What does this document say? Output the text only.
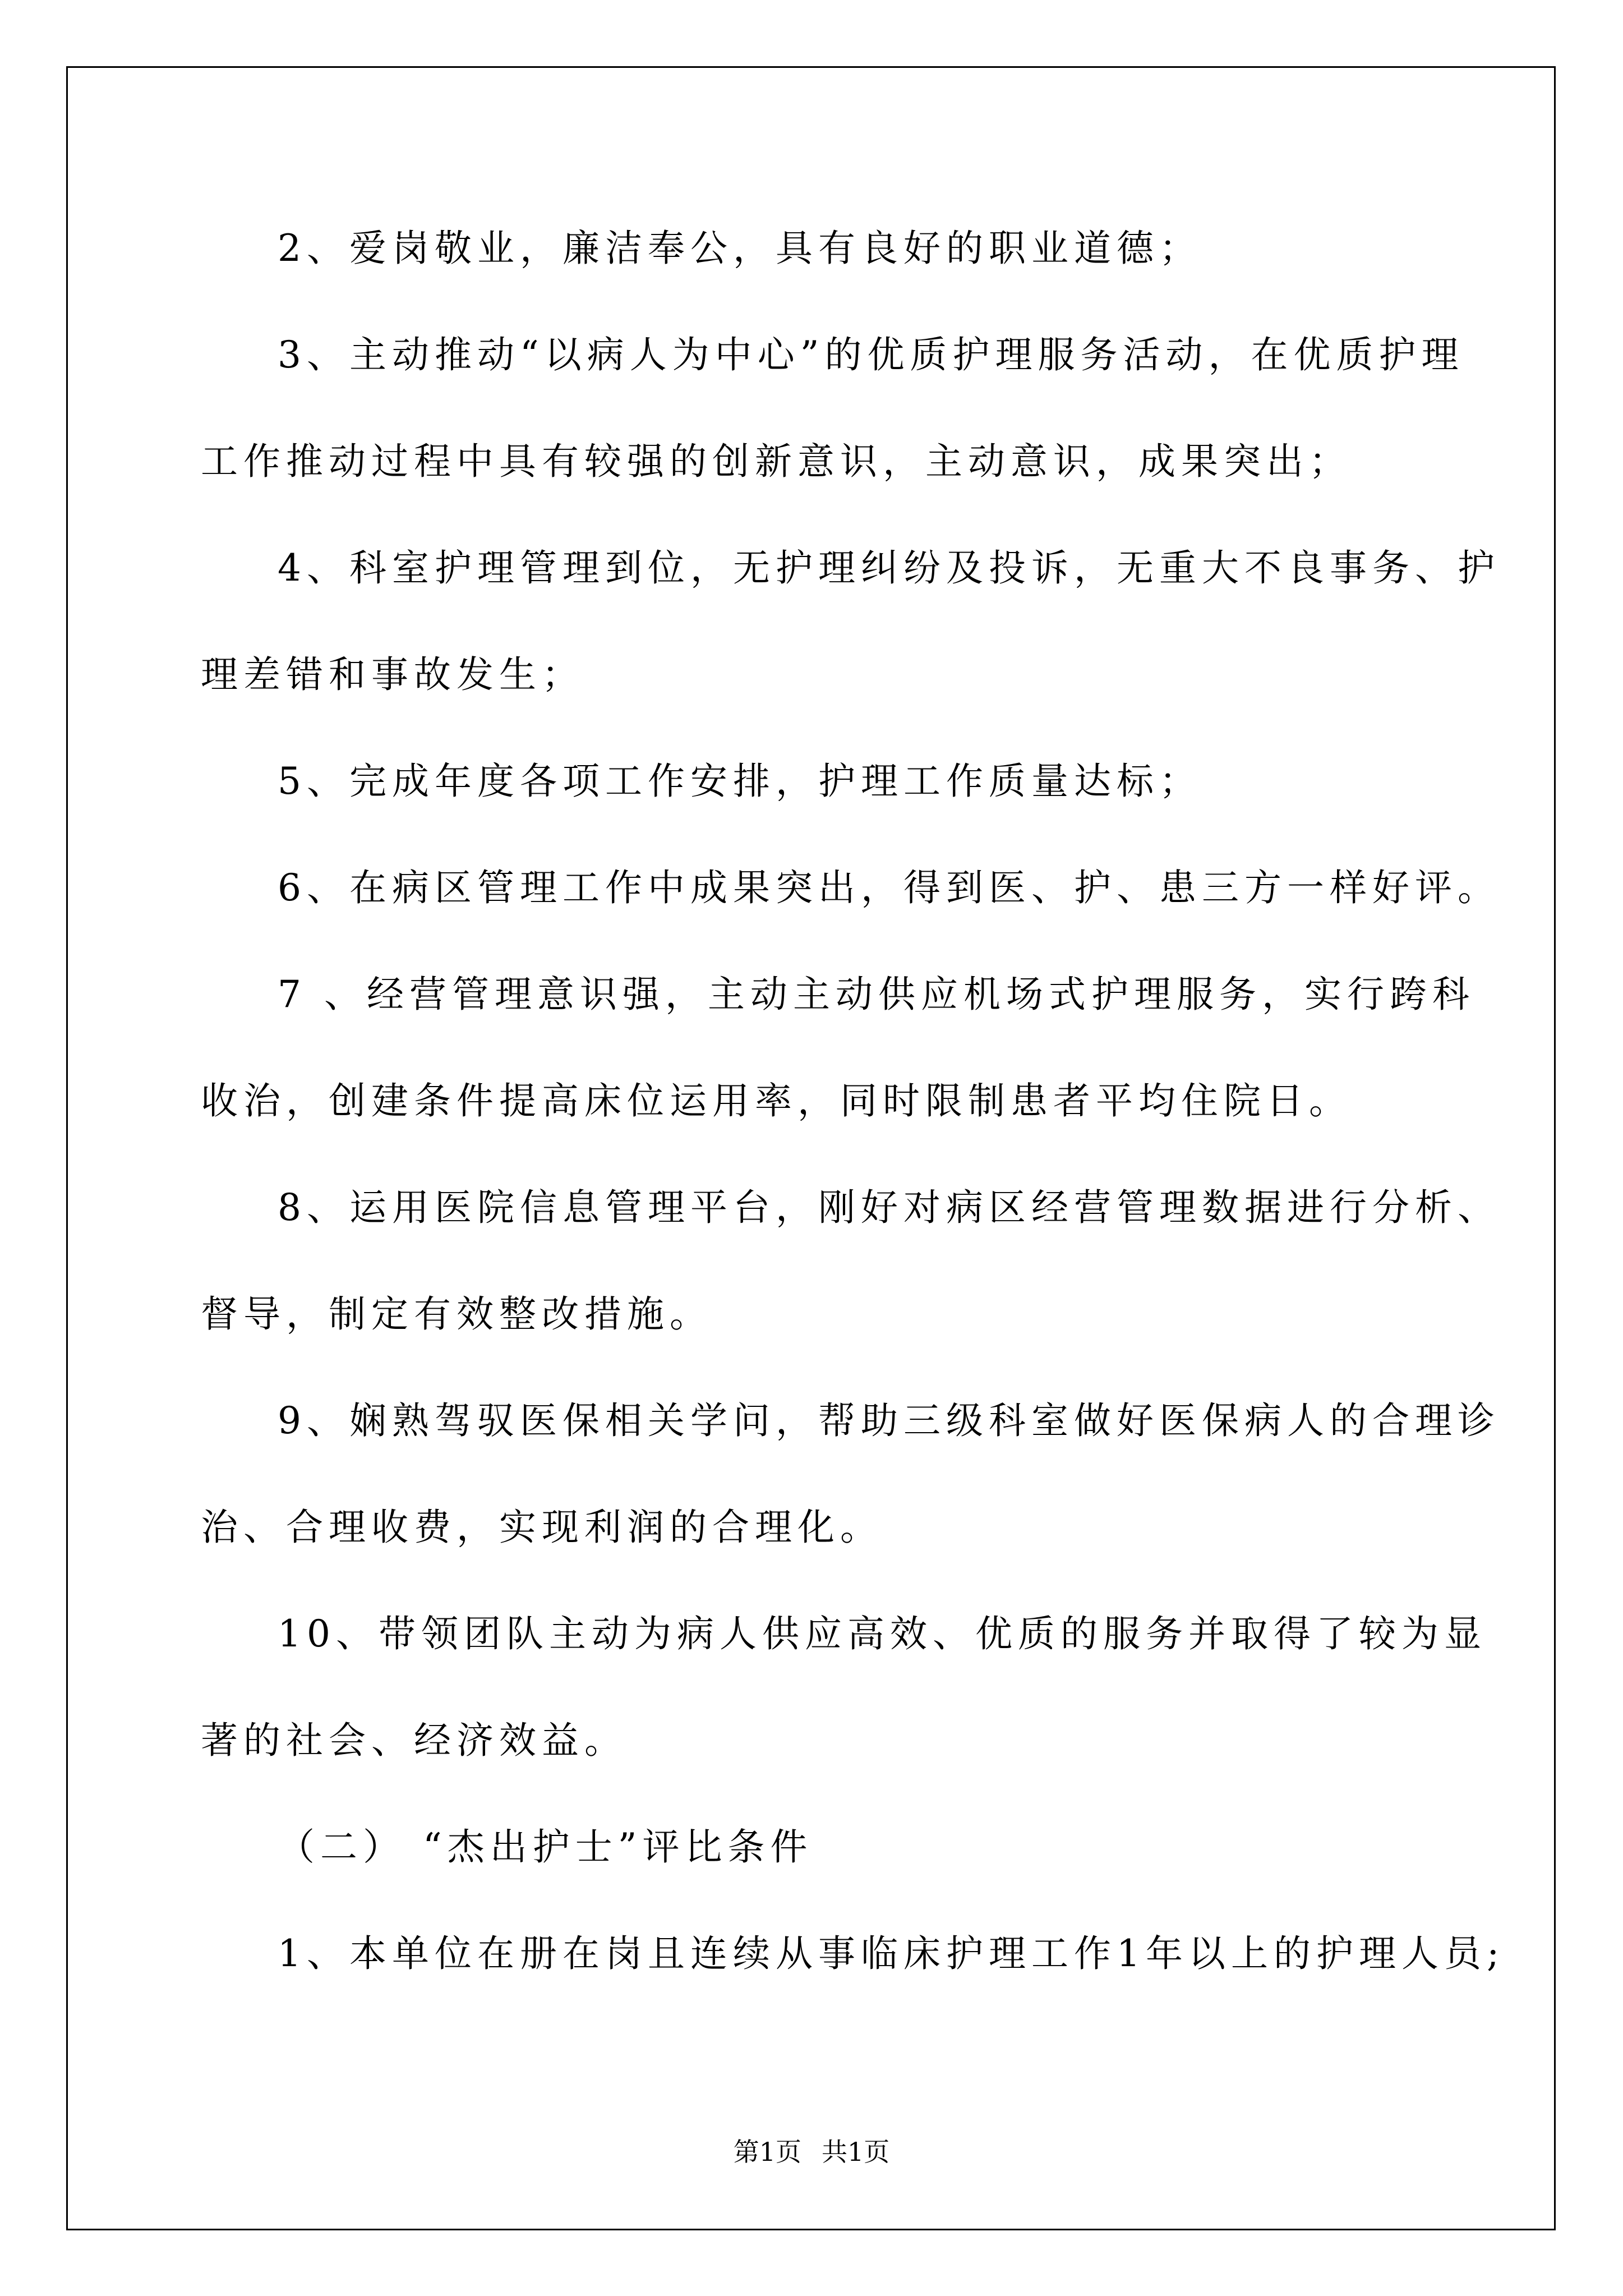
2、爱岗敬业，廉洁奉公，具有良好的职业道德；
3、主动推动“以病人为中心”的优质护理服务活动，在优质护理
工作推动过程中具有较强的创新意识，主动意识，成果突出；
4、科室护理管理到位，无护理纠纷及投诉，无重大不良事务、护
理差错和事故发生；
5、完成年度各项工作安排，护理工作质量达标；
6、在病区管理工作中成果突出，得到医、护、患三方一样好评。
7 、经营管理意识强，主动主动供应机场式护理服务，实行跨科
收治，创建条件提高床位运用率，同时限制患者平均住院日。
8、运用医院信息管理平台，刚好对病区经营管理数据进行分析、
督导，制定有效整改措施。
9、娴熟驾驭医保相关学问，帮助三级科室做好医保病人的合理诊
治、合理收费，实现利润的合理化。
10、带领团队主动为病人供应高效、优质的服务并取得了较为显
著的社会、经济效益。
（二） “杰出护士”评比条件
1、本单位在册在岗且连续从事临床护理工作1年以上的护理人员;
第1页 共1页
